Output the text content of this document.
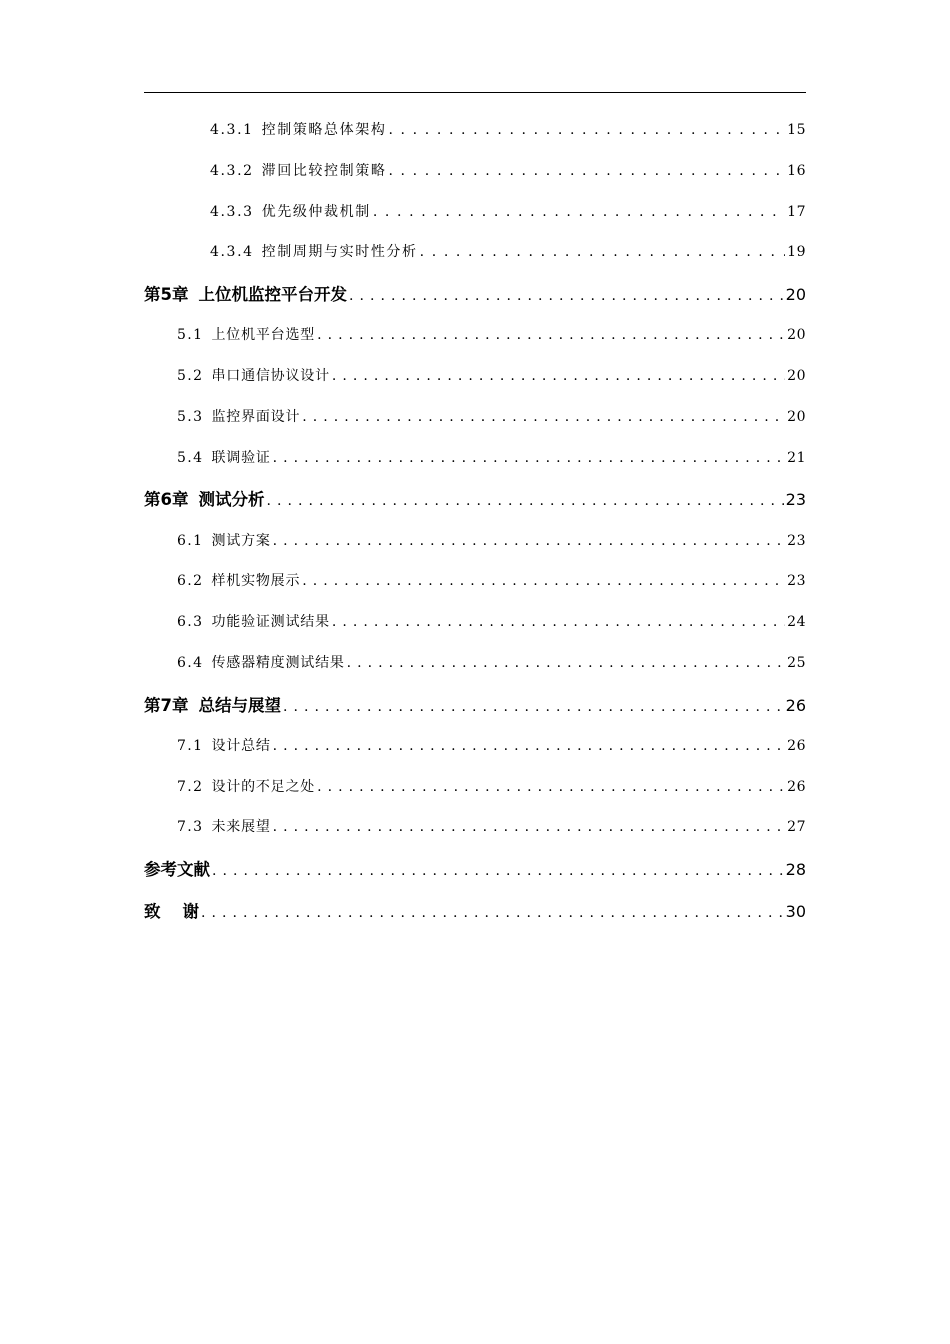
4.3.1 控制策略总体架构 . . .	15
4.3.2 滞回比较控制策略 . . .	16
4.3.3 优先级仲裁机制 . . .	17
4.3.4 控制周期与实时性分析 . . .	19
第5章 上位机监控平台开发 . . .	20
5.1 上位机平台选型 . . .	20
5.2 串口通信协议设计 . . .	20
5.3 监控界面设计 . . .	20
5.4 联调验证 . . .	21
第6章 测试分析 . . .	23
6.1 测试方案 . . .	23
6.2 样机实物展示 . . .	23
6.3 功能验证测试结果 . . .	24
6.4 传感器精度测试结果 . . .	25
第7章 总结与展望 . . .	26
7.1 设计总结 . . .	26
7.2 设计的不足之处 . . .	26
7.3 未来展望 . . .	27
参考文献 . . .	28
致 谢 . . .	30
